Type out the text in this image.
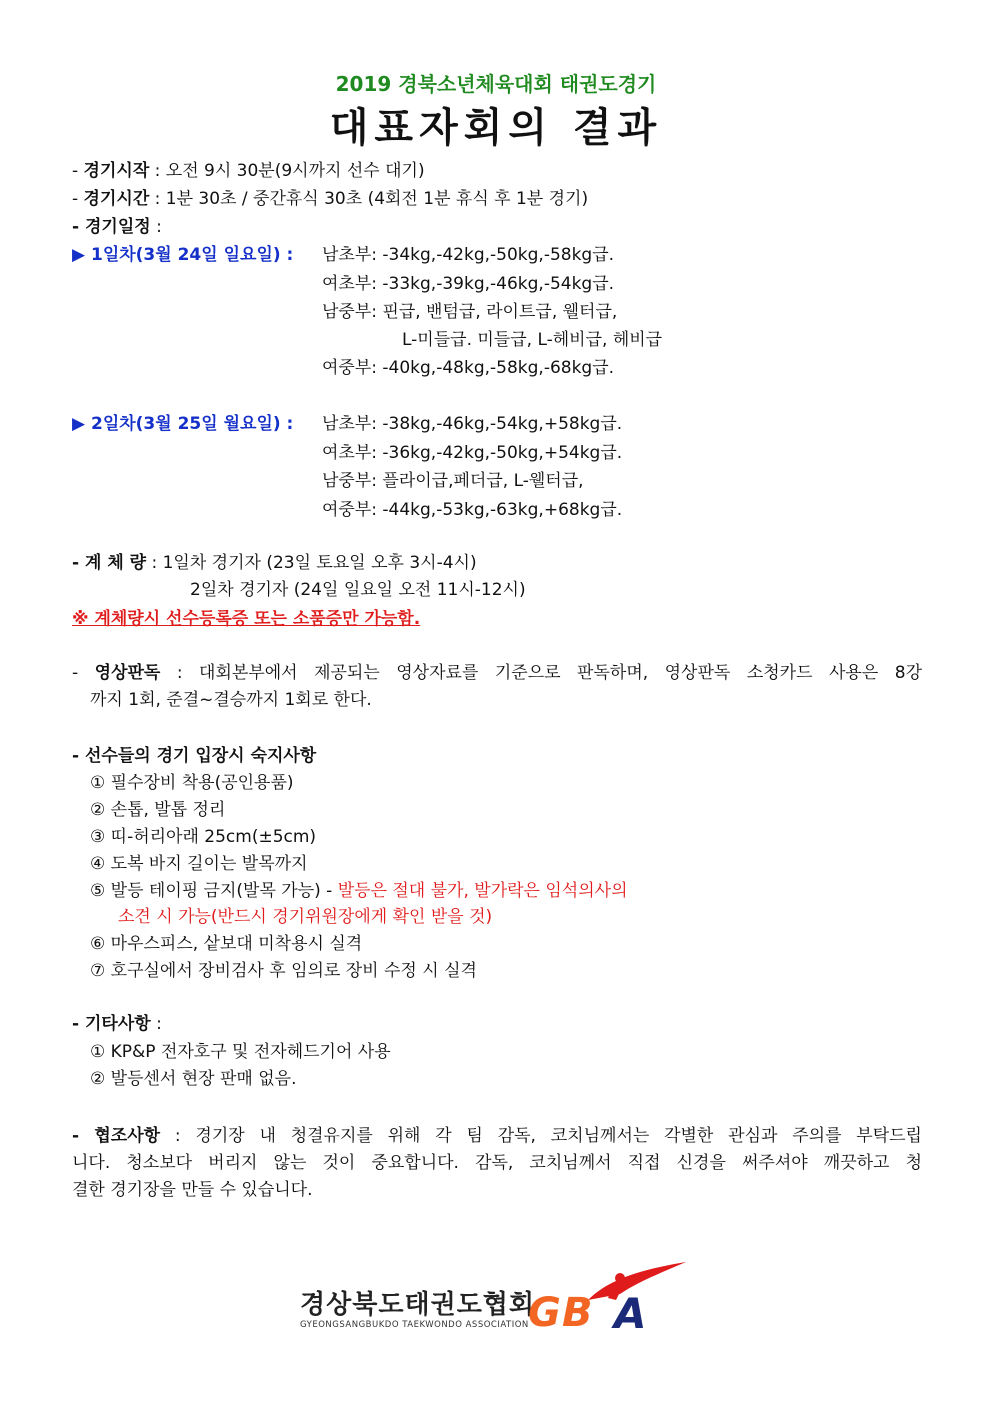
2019 경북소년체육대회 태권도경기
대표자회의 결과
- 경기시작 : 오전 9시 30분(9시까지 선수 대기)
- 경기시간 : 1분 30초 / 중간휴식 30초 (4회전 1분 휴식 후 1분 경기)
- 경기일정 :
▶ 1일차(3월 24일 일요일) : 남초부: -34kg,-42kg,-50kg,-58kg급.
여초부: -33kg,-39kg,-46kg,-54kg급.
남중부: 핀급, 밴텀급, 라이트급, 웰터급,
L-미들급. 미들급, L-헤비급, 헤비급
여중부: -40kg,-48kg,-58kg,-68kg급.
▶ 2일차(3월 25일 월요일) : 남초부: -38kg,-46kg,-54kg,+58kg급.
여초부: -36kg,-42kg,-50kg,+54kg급.
남중부: 플라이급,페더급, L-웰터급,
여중부: -44kg,-53kg,-63kg,+68kg급.
- 계 체 량 : 1일차 경기자 (23일 토요일 오후 3시-4시)
2일차 경기자 (24일 일요일 오전 11시-12시)
※ 계체량시 선수등록증 또는 소품증만 가능함.
- 영상판독 : 대회본부에서 제공되는 영상자료를 기준으로 판독하며, 영상판독 소청카드 사용은 8강
까지 1회, 준결~결승까지 1회로 한다.
- 선수들의 경기 입장시 숙지사항
① 필수장비 착용(공인용품)
② 손톱, 발톱 정리
③ 띠-허리아래 25cm(±5cm)
④ 도복 바지 길이는 발목까지
⑤ 발등 테이핑 금지(발목 가능) - 발등은 절대 불가, 발가락은 임석의사의
소견 시 가능(반드시 경기위원장에게 확인 받을 것)
⑥ 마우스피스, 샅보대 미착용시 실격
⑦ 호구실에서 장비검사 후 임의로 장비 수정 시 실격
- 기타사항 :
① KP&P 전자호구 및 전자헤드기어 사용
② 발등센서 현장 판매 없음.
- 협조사항 : 경기장 내 청결유지를 위해 각 팀 감독, 코치님께서는 각별한 관심과 주의를 부탁드립
니다. 청소보다 버리지 않는 것이 중요합니다. 감독, 코치님께서 직접 신경을 써주셔야 깨끗하고 청
결한 경기장을 만들 수 있습니다.
경상북도태권도협회
GYEONGSANGBUKDO TAEKWONDO ASSOCIATION G B A
